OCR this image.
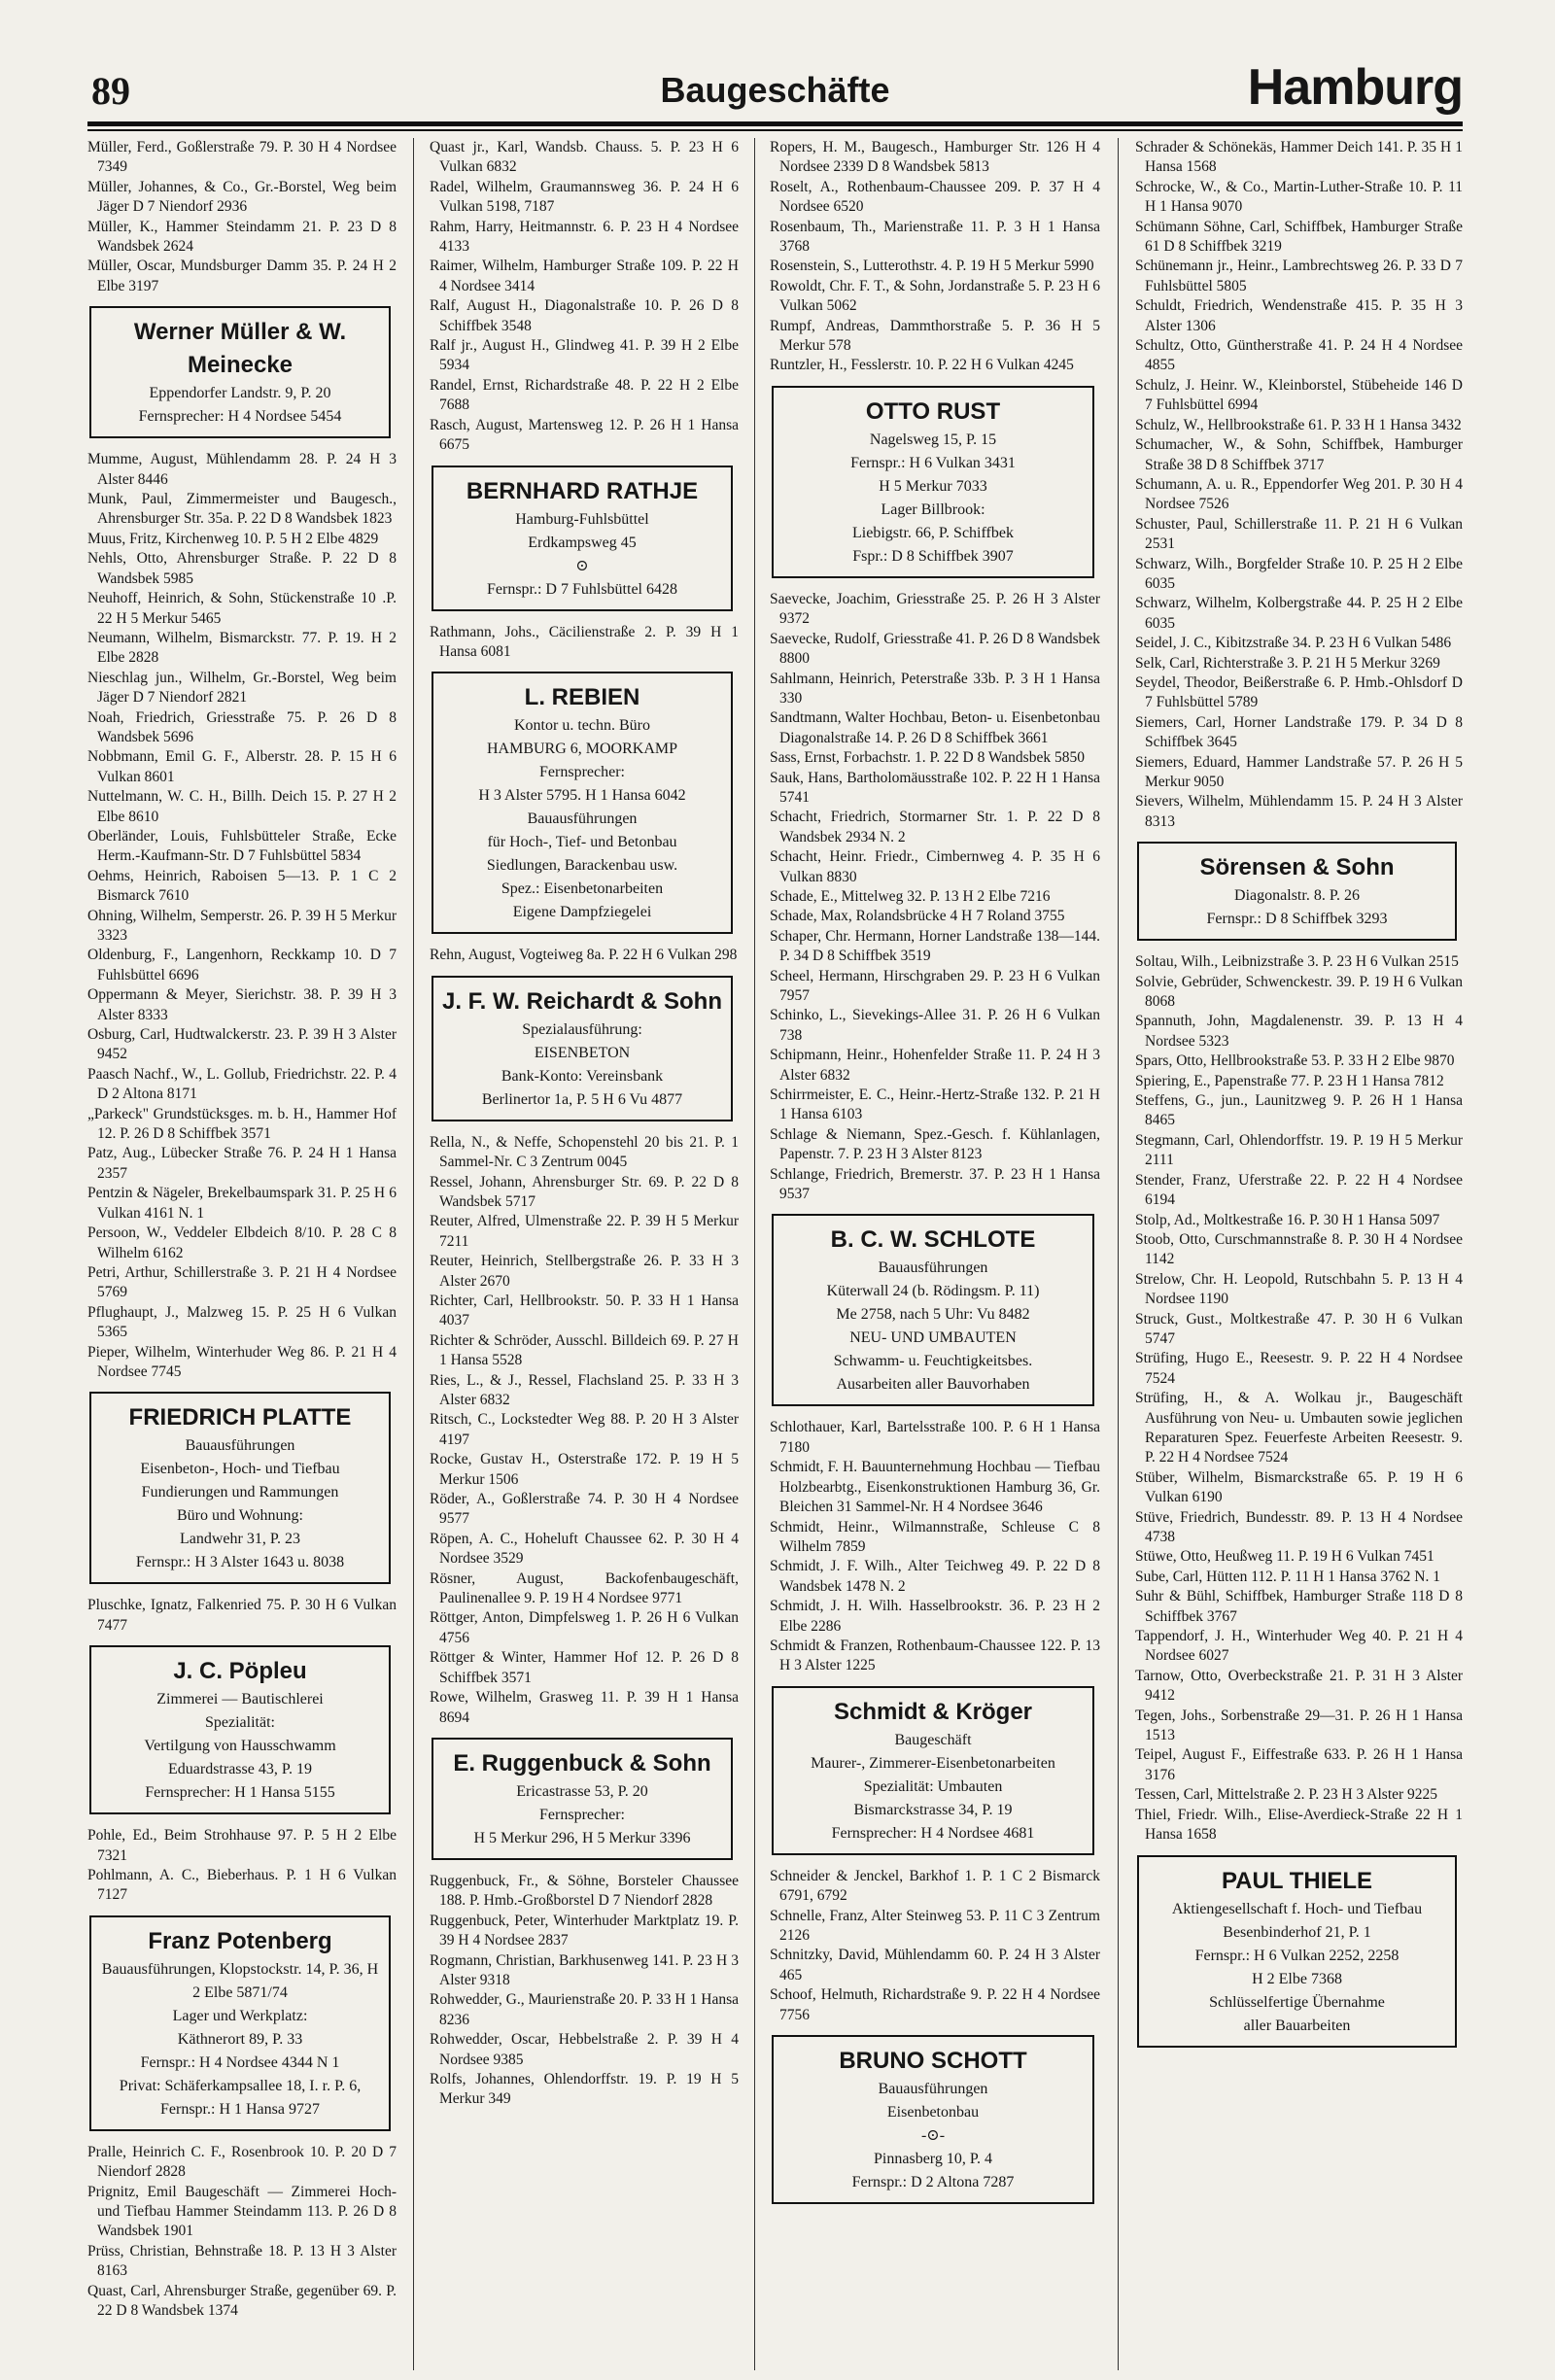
89	Baugeschäfte	Hamburg

Müller, Ferd., Goßlerstraße 79. P. 30 H 4 Nordsee 7349

Müller, Johannes, & Co., Gr.-Borstel, Weg beim Jäger D 7 Niendorf 2936

Müller, K., Hammer Steindamm 21. P. 23 D 8 Wandsbek 2624

Müller, Oscar, Mundsburger Damm 35. P. 24 H 2 Elbe 3197

Werner Müller & W. Meinecke
Eppendorfer Landstr. 9, P. 20
Fernsprecher: H 4 Nordsee 5454

Mumme, August, Mühlendamm 28. P. 24 H 3 Alster 8446

Munk, Paul, Zimmermeister und Baugesch., Ahrensburger Str. 35a. P. 22 D 8 Wandsbek 1823

Muus, Fritz, Kirchenweg 10. P. 5 H 2 Elbe 4829

Nehls, Otto, Ahrensburger Straße. P. 22 D 8 Wandsbek 5985

Neuhoff, Heinrich, & Sohn, Stückenstraße 10 .P. 22 H 5 Merkur 5465

Neumann, Wilhelm, Bismarckstr. 77. P. 19. H 2 Elbe 2828

Nieschlag jun., Wilhelm, Gr.-Borstel, Weg beim Jäger D 7 Niendorf 2821

Noah, Friedrich, Griesstraße 75. P. 26 D 8 Wandsbek 5696

Nobbmann, Emil G. F., Alberstr. 28. P. 15 H 6 Vulkan 8601

Nuttelmann, W. C. H., Billh. Deich 15. P. 27 H 2 Elbe 8610

Oberländer, Louis, Fuhlsbütteler Straße, Ecke Herm.-Kaufmann-Str. D 7 Fuhlsbüttel 5834

Oehms, Heinrich, Raboisen 5—13. P. 1 C 2 Bismarck 7610

Ohning, Wilhelm, Semperstr. 26. P. 39 H 5 Merkur 3323

Oldenburg, F., Langenhorn, Reckkamp 10. D 7 Fuhlsbüttel 6696

Oppermann & Meyer, Sierichstr. 38. P. 39 H 3 Alster 8333

Osburg, Carl, Hudtwalckerstr. 23. P. 39 H 3 Alster 9452

Paasch Nachf., W., L. Gollub, Friedrichstr. 22. P. 4 D 2 Altona 8171

„Parkeck" Grundstücksges. m. b. H., Hammer Hof 12. P. 26 D 8 Schiffbek 3571

Patz, Aug., Lübecker Straße 76. P. 24 H 1 Hansa 2357

Pentzin & Nägeler, Brekelbaumspark 31. P. 25 H 6 Vulkan 4161 N. 1

Persoon, W., Veddeler Elbdeich 8/10. P. 28 C 8 Wilhelm 6162

Petri, Arthur, Schillerstraße 3. P. 21 H 4 Nordsee 5769

Pflughaupt, J., Malzweg 15. P. 25 H 6 Vulkan 5365

Pieper, Wilhelm, Winterhuder Weg 86. P. 21 H 4 Nordsee 7745

FRIEDRICH PLATTE
Bauausführungen
Eisenbeton-, Hoch- und Tiefbau
Fundierungen und Rammungen
Büro und Wohnung:
Landwehr 31, P. 23
Fernspr.: H 3 Alster 1643 u. 8038

Pluschke, Ignatz, Falkenried 75. P. 30 H 6 Vulkan 7477

J. C. Pöpleu
Zimmerei — Bautischlerei
Spezialität:
Vertilgung von Hausschwamm
Eduardstrasse 43, P. 19
Fernsprecher: H 1 Hansa 5155

Pohle, Ed., Beim Strohhause 97. P. 5 H 2 Elbe 7321

Pohlmann, A. C., Bieberhaus. P. 1 H 6 Vulkan 7127

Franz Potenberg
Bauausführungen, Klopstockstr. 14, P. 36, H 2 Elbe 5871/74
Lager und Werkplatz:
Käthnerort 89, P. 33
Fernspr.: H 4 Nordsee 4344 N 1
Privat: Schäferkampsallee 18, I. r. P. 6, Fernspr.: H 1 Hansa 9727

Pralle, Heinrich C. F., Rosenbrook 10. P. 20 D 7 Niendorf 2828

Prignitz, Emil Baugeschäft — Zimmerei Hoch- und Tiefbau Hammer Steindamm 113. P. 26 D 8 Wandsbek 1901

Prüss, Christian, Behnstraße 18. P. 13 H 3 Alster 8163

Quast, Carl, Ahrensburger Straße, gegenüber 69. P. 22 D 8 Wandsbek 1374

Quast jr., Karl, Wandsb. Chauss. 5. P. 23 H 6 Vulkan 6832

Radel, Wilhelm, Graumannsweg 36. P. 24 H 6 Vulkan 5198, 7187

Rahm, Harry, Heitmannstr. 6. P. 23 H 4 Nordsee 4133

Raimer, Wilhelm, Hamburger Straße 109. P. 22 H 4 Nordsee 3414

Ralf, August H., Diagonalstraße 10. P. 26 D 8 Schiffbek 3548

Ralf jr., August H., Glindweg 41. P. 39 H 2 Elbe 5934

Randel, Ernst, Richardstraße 48. P. 22 H 2 Elbe 7688

Rasch, August, Martensweg 12. P. 26 H 1 Hansa 6675

BERNHARD RATHJE
Hamburg-Fuhlsbüttel
Erdkampsweg 45
⊙
Fernspr.: D 7 Fuhlsbüttel 6428

Rathmann, Johs., Cäcilienstraße 2. P. 39 H 1 Hansa 6081

L. REBIEN
Kontor u. techn. Büro
HAMBURG 6, MOORKAMP
Fernsprecher:
H 3 Alster 5795. H 1 Hansa 6042
Bauausführungen
für Hoch-, Tief- und Betonbau
Siedlungen, Barackenbau usw.
Spez.: Eisenbetonarbeiten
Eigene Dampfziegelei

Rehn, August, Vogteiweg 8a. P. 22 H 6 Vulkan 298

J. F. W. Reichardt & Sohn
Spezialausführung:
EISENBETON
Bank-Konto: Vereinsbank
Berlinertor 1a, P. 5 H 6 Vu 4877

Rella, N., & Neffe, Schopenstehl 20 bis 21. P. 1 Sammel-Nr. C 3 Zentrum 0045

Ressel, Johann, Ahrensburger Str. 69. P. 22 D 8 Wandsbek 5717

Reuter, Alfred, Ulmenstraße 22. P. 39 H 5 Merkur 7211

Reuter, Heinrich, Stellbergstraße 26. P. 33 H 3 Alster 2670

Richter, Carl, Hellbrookstr. 50. P. 33 H 1 Hansa 4037

Richter & Schröder, Ausschl. Billdeich 69. P. 27 H 1 Hansa 5528

Ries, L., & J., Ressel, Flachsland 25. P. 33 H 3 Alster 6832

Ritsch, C., Lockstedter Weg 88. P. 20 H 3 Alster 4197

Rocke, Gustav H., Osterstraße 172. P. 19 H 5 Merkur 1506

Röder, A., Goßlerstraße 74. P. 30 H 4 Nordsee 9577

Röpen, A. C., Hoheluft Chaussee 62. P. 30 H 4 Nordsee 3529

Rösner, August, Backofenbaugeschäft, Paulinenallee 9. P. 19 H 4 Nordsee 9771

Röttger, Anton, Dimpfelsweg 1. P. 26 H 6 Vulkan 4756

Röttger & Winter, Hammer Hof 12. P. 26 D 8 Schiffbek 3571

Rowe, Wilhelm, Grasweg 11. P. 39 H 1 Hansa 8694

E. Ruggenbuck & Sohn
Ericastrasse 53, P. 20
Fernsprecher:
H 5 Merkur 296, H 5 Merkur 3396

Ruggenbuck, Fr., & Söhne, Borsteler Chaussee 188. P. Hmb.-Großborstel D 7 Niendorf 2828

Ruggenbuck, Peter, Winterhuder Marktplatz 19. P. 39 H 4 Nordsee 2837

Rogmann, Christian, Barkhusenweg 141. P. 23 H 3 Alster 9318

Rohwedder, G., Maurienstraße 20. P. 33 H 1 Hansa 8236

Rohwedder, Oscar, Hebbelstraße 2. P. 39 H 4 Nordsee 9385

Rolfs, Johannes, Ohlendorffstr. 19. P. 19 H 5 Merkur 349

Ropers, H. M., Baugesch., Hamburger Str. 126 H 4 Nordsee 2339 D 8 Wandsbek 5813

Roselt, A., Rothenbaum-Chaussee 209. P. 37 H 4 Nordsee 6520

Rosenbaum, Th., Marienstraße 11. P. 3 H 1 Hansa 3768

Rosenstein, S., Lutterothstr. 4. P. 19 H 5 Merkur 5990

Rowoldt, Chr. F. T., & Sohn, Jordanstraße 5. P. 23 H 6 Vulkan 5062

Rumpf, Andreas, Dammthorstraße 5. P. 36 H 5 Merkur 578

Runtzler, H., Fesslerstr. 10. P. 22 H 6 Vulkan 4245

OTTO RUST
Nagelsweg 15, P. 15
Fernspr.: H 6 Vulkan 3431
H 5 Merkur 7033
Lager Billbrook:
Liebigstr. 66, P. Schiffbek
Fspr.: D 8 Schiffbek 3907

Saevecke, Joachim, Griesstraße 25. P. 26 H 3 Alster 9372

Saevecke, Rudolf, Griesstraße 41. P. 26 D 8 Wandsbek 8800

Sahlmann, Heinrich, Peterstraße 33b. P. 3 H 1 Hansa 330

Sandtmann, Walter Hochbau, Beton- u. Eisenbetonbau Diagonalstraße 14. P. 26 D 8 Schiffbek 3661

Sass, Ernst, Forbachstr. 1. P. 22 D 8 Wandsbek 5850

Sauk, Hans, Bartholomäusstraße 102. P. 22 H 1 Hansa 5741

Schacht, Friedrich, Stormarner Str. 1. P. 22 D 8 Wandsbek 2934 N. 2

Schacht, Heinr. Friedr., Cimbernweg 4. P. 35 H 6 Vulkan 8830

Schade, E., Mittelweg 32. P. 13 H 2 Elbe 7216

Schade, Max, Rolandsbrücke 4 H 7 Roland 3755

Schaper, Chr. Hermann, Horner Landstraße 138—144. P. 34 D 8 Schiffbek 3519

Scheel, Hermann, Hirschgraben 29. P. 23 H 6 Vulkan 7957

Schinko, L., Sievekings-Allee 31. P. 26 H 6 Vulkan 738

Schipmann, Heinr., Hohenfelder Straße 11. P. 24 H 3 Alster 6832

Schirrmeister, E. C., Heinr.-Hertz-Straße 132. P. 21 H 1 Hansa 6103

Schlage & Niemann, Spez.-Gesch. f. Kühlanlagen, Papenstr. 7. P. 23 H 3 Alster 8123

Schlange, Friedrich, Bremerstr. 37. P. 23 H 1 Hansa 9537

B. C. W. SCHLOTE
Bauausführungen
Küterwall 24 (b. Rödingsm. P. 11)
Me 2758, nach 5 Uhr: Vu 8482
NEU- UND UMBAUTEN
Schwamm- u. Feuchtigkeitsbes.
Ausarbeiten aller Bauvorhaben

Schlothauer, Karl, Bartelsstraße 100. P. 6 H 1 Hansa 7180

Schmidt, F. H. Bauunternehmung Hochbau — Tiefbau Holzbearbtg., Eisenkonstruktionen Hamburg 36, Gr. Bleichen 31 Sammel-Nr. H 4 Nordsee 3646

Schmidt, Heinr., Wilmannstraße, Schleuse C 8 Wilhelm 7859

Schmidt, J. F. Wilh., Alter Teichweg 49. P. 22 D 8 Wandsbek 1478 N. 2

Schmidt, J. H. Wilh. Hasselbrookstr. 36. P. 23 H 2 Elbe 2286

Schmidt & Franzen, Rothenbaum-Chaussee 122. P. 13 H 3 Alster 1225

Schmidt & Kröger
Baugeschäft
Maurer-, Zimmerer-Eisenbetonarbeiten
Spezialität: Umbauten
Bismarckstrasse 34, P. 19
Fernsprecher: H 4 Nordsee 4681

Schneider & Jenckel, Barkhof 1. P. 1 C 2 Bismarck 6791, 6792

Schnelle, Franz, Alter Steinweg 53. P. 11 C 3 Zentrum 2126

Schnitzky, David, Mühlendamm 60. P. 24 H 3 Alster 465

Schoof, Helmuth, Richardstraße 9. P. 22 H 4 Nordsee 7756

BRUNO SCHOTT
Bauausführungen
Eisenbetonbau
-⊙-
Pinnasberg 10, P. 4
Fernspr.: D 2 Altona 7287

Schrader & Schönekäs, Hammer Deich 141. P. 35 H 1 Hansa 1568

Schrocke, W., & Co., Martin-Luther-Straße 10. P. 11 H 1 Hansa 9070

Schümann Söhne, Carl, Schiffbek, Hamburger Straße 61 D 8 Schiffbek 3219

Schünemann jr., Heinr., Lambrechtsweg 26. P. 33 D 7 Fuhlsbüttel 5805

Schuldt, Friedrich, Wendenstraße 415. P. 35 H 3 Alster 1306

Schultz, Otto, Güntherstraße 41. P. 24 H 4 Nordsee 4855

Schulz, J. Heinr. W., Kleinborstel, Stübeheide 146 D 7 Fuhlsbüttel 6994

Schulz, W., Hellbrookstraße 61. P. 33 H 1 Hansa 3432

Schumacher, W., & Sohn, Schiffbek, Hamburger Straße 38 D 8 Schiffbek 3717

Schumann, A. u. R., Eppendorfer Weg 201. P. 30 H 4 Nordsee 7526

Schuster, Paul, Schillerstraße 11. P. 21 H 6 Vulkan 2531

Schwarz, Wilh., Borgfelder Straße 10. P. 25 H 2 Elbe 6035

Schwarz, Wilhelm, Kolbergstraße 44. P. 25 H 2 Elbe 6035

Seidel, J. C., Kibitzstraße 34. P. 23 H 6 Vulkan 5486

Selk, Carl, Richterstraße 3. P. 21 H 5 Merkur 3269

Seydel, Theodor, Beißerstraße 6. P. Hmb.-Ohlsdorf D 7 Fuhlsbüttel 5789

Siemers, Carl, Horner Landstraße 179. P. 34 D 8 Schiffbek 3645

Siemers, Eduard, Hammer Landstraße 57. P. 26 H 5 Merkur 9050

Sievers, Wilhelm, Mühlendamm 15. P. 24 H 3 Alster 8313

Sörensen & Sohn
Diagonalstr. 8. P. 26
Fernspr.: D 8 Schiffbek 3293

Soltau, Wilh., Leibnizstraße 3. P. 23 H 6 Vulkan 2515

Solvie, Gebrüder, Schwenckestr. 39. P. 19 H 6 Vulkan 8068

Spannuth, John, Magdalenenstr. 39. P. 13 H 4 Nordsee 5323

Spars, Otto, Hellbrookstraße 53. P. 33 H 2 Elbe 9870

Spiering, E., Papenstraße 77. P. 23 H 1 Hansa 7812

Steffens, G., jun., Launitzweg 9. P. 26 H 1 Hansa 8465

Stegmann, Carl, Ohlendorffstr. 19. P. 19 H 5 Merkur 2111

Stender, Franz, Uferstraße 22. P. 22 H 4 Nordsee 6194

Stolp, Ad., Moltkestraße 16. P. 30 H 1 Hansa 5097

Stoob, Otto, Curschmannstraße 8. P. 30 H 4 Nordsee 1142

Strelow, Chr. H. Leopold, Rutschbahn 5. P. 13 H 4 Nordsee 1190

Struck, Gust., Moltkestraße 47. P. 30 H 6 Vulkan 5747

Strüfing, Hugo E., Reesestr. 9. P. 22 H 4 Nordsee 7524

Strüfing, H., & A. Wolkau jr., Baugeschäft Ausführung von Neu- u. Umbauten sowie jeglichen Reparaturen Spez. Feuerfeste Arbeiten Reesestr. 9. P. 22 H 4 Nordsee 7524

Stüber, Wilhelm, Bismarckstraße 65. P. 19 H 6 Vulkan 6190

Stüve, Friedrich, Bundesstr. 89. P. 13 H 4 Nordsee 4738

Stüwe, Otto, Heußweg 11. P. 19 H 6 Vulkan 7451

Sube, Carl, Hütten 112. P. 11 H 1 Hansa 3762 N. 1

Suhr & Bühl, Schiffbek, Hamburger Straße 118 D 8 Schiffbek 3767

Tappendorf, J. H., Winterhuder Weg 40. P. 21 H 4 Nordsee 6027

Tarnow, Otto, Overbeckstraße 21. P. 31 H 3 Alster 9412

Tegen, Johs., Sorbenstraße 29—31. P. 26 H 1 Hansa 1513

Teipel, August F., Eiffestraße 633. P. 26 H 1 Hansa 3176

Tessen, Carl, Mittelstraße 2. P. 23 H 3 Alster 9225

Thiel, Friedr. Wilh., Elise-Averdieck-Straße 22 H 1 Hansa 1658

PAUL THIELE
Aktiengesellschaft f. Hoch- und Tiefbau
Besenbinderhof 21, P. 1
Fernspr.: H 6 Vulkan 2252, 2258
H 2 Elbe 7368
Schlüsselfertige Übernahme
aller Bauarbeiten
